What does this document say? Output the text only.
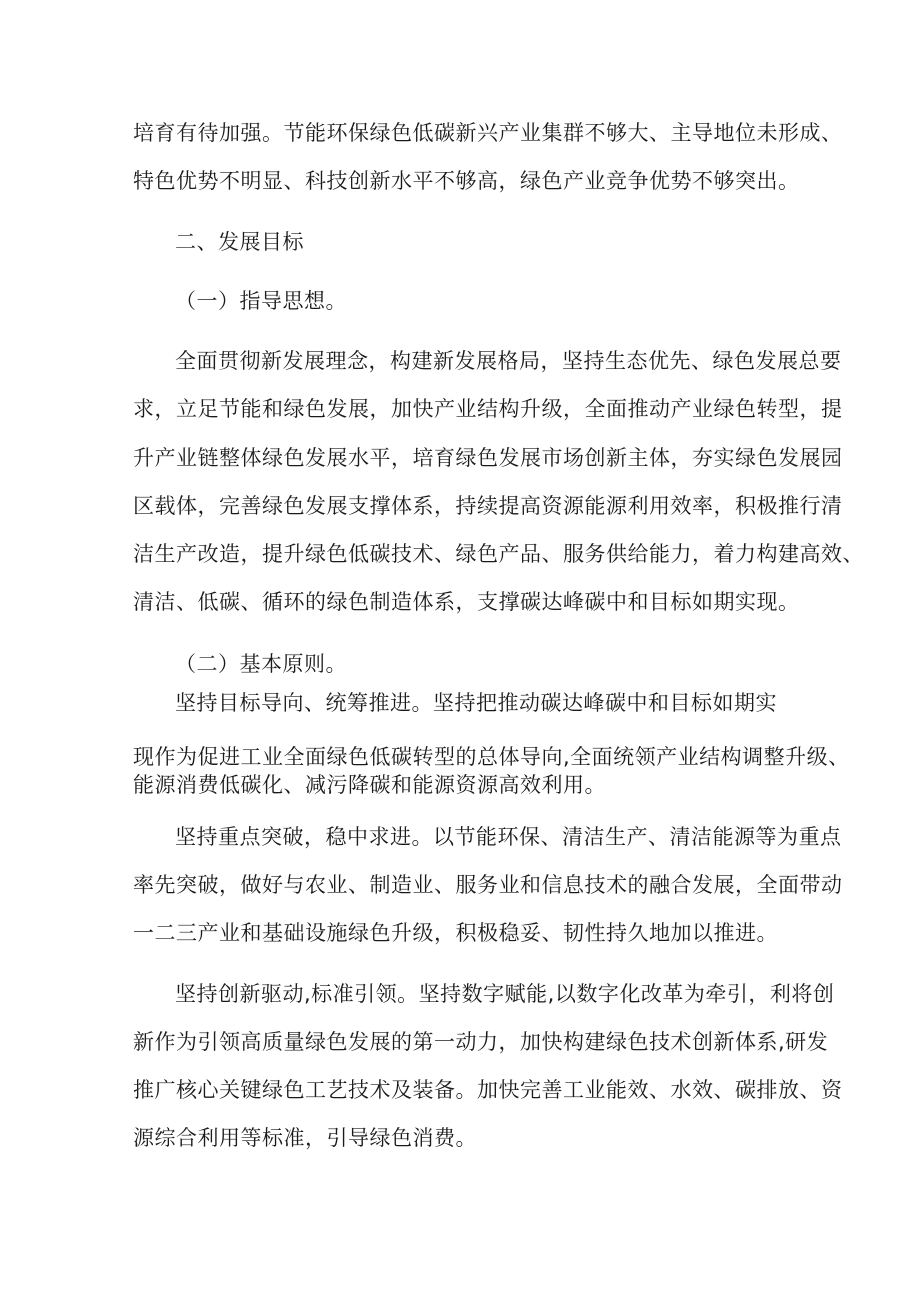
培育有待加强。节能环保绿色低碳新兴产业集群不够大、主导地位未形成、
特色优势不明显、科技创新水平不够高，绿色产业竞争优势不够突出。
二、发展目标
（一）指导思想。
全面贯彻新发展理念，构建新发展格局，坚持生态优先、绿色发展总要
求，立足节能和绿色发展，加快产业结构升级，全面推动产业绿色转型，提
升产业链整体绿色发展水平，培育绿色发展市场创新主体，夯实绿色发展园
区载体，完善绿色发展支撑体系，持续提高资源能源利用效率，积极推行清
洁生产改造，提升绿色低碳技术、绿色产品、服务供给能力，着力构建高效、
清洁、低碳、循环的绿色制造体系，支撑碳达峰碳中和目标如期实现。
（二）基本原则。
坚持目标导向、统筹推进。坚持把推动碳达峰碳中和目标如期实
现作为促进工业全面绿色低碳转型的总体导向,全面统领产业结构调整升级、
能源消费低碳化、减污降碳和能源资源高效利用。
坚持重点突破，稳中求进。以节能环保、清洁生产、清洁能源等为重点
率先突破，做好与农业、制造业、服务业和信息技术的融合发展，全面带动
一二三产业和基础设施绿色升级，积极稳妥、韧性持久地加以推进。
坚持创新驱动,标准引领。坚持数字赋能,以数字化改革为牵引，利将创
新作为引领高质量绿色发展的第一动力，加快构建绿色技术创新体系,研发
推广核心关键绿色工艺技术及装备。加快完善工业能效、水效、碳排放、资
源综合利用等标准，引导绿色消费。
